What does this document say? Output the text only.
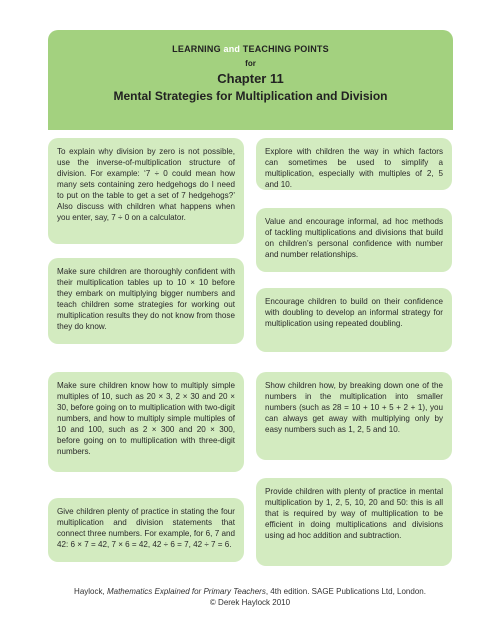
LEARNING and TEACHING POINTS
for
Chapter 11
Mental Strategies for Multiplication and Division
To explain why division by zero is not possible, use the inverse-of-multiplication structure of division. For example: ‘7 ÷ 0 could mean how many sets containing zero hedgehogs do I need to put on the table to get a set of 7 hedgehogs?’ Also discuss with children what happens when you enter, say, 7 ÷ 0 on a calculator.
Make sure children are thoroughly confident with their multiplication tables up to 10 × 10 before they embark on multiplying bigger numbers and teach children some strategies for working out multiplication results they do not know from those they do know.
Make sure children know how to multiply simple multiples of 10, such as 20 × 3, 2 × 30 and 20 × 30, before going on to multiplication with two-digit numbers, and how to multiply simple multiples of 10 and 100, such as 2 × 300 and 20 × 300, before going on to multiplication with three-digit numbers.
Give children plenty of practice in stating the four multiplication and division statements that connect three numbers. For example, for 6, 7 and 42: 6 × 7 = 42, 7 × 6 = 42, 42 ÷ 6 = 7, 42 ÷ 7 = 6.
Explore with children the way in which factors can sometimes be used to simplify a multiplication, especially with multiples of 2, 5 and 10.
Value and encourage informal, ad hoc methods of tackling multiplications and divisions that build on children’s personal confidence with number and number relationships.
Encourage children to build on their confidence with doubling to develop an informal strategy for multiplication using repeated doubling.
Show children how, by breaking down one of the numbers in the multiplication into smaller numbers (such as 28 = 10 + 10 + 5 + 2 + 1), you can always get away with multiplying only by easy numbers such as 1, 2, 5 and 10.
Provide children with plenty of practice in mental multiplication by 1, 2, 5, 10, 20 and 50: this is all that is required by way of multiplication to be efficient in doing multiplications and divisions using ad hoc addition and subtraction.
Haylock, Mathematics Explained for Primary Teachers, 4th edition. SAGE Publications Ltd, London.
© Derek Haylock 2010
